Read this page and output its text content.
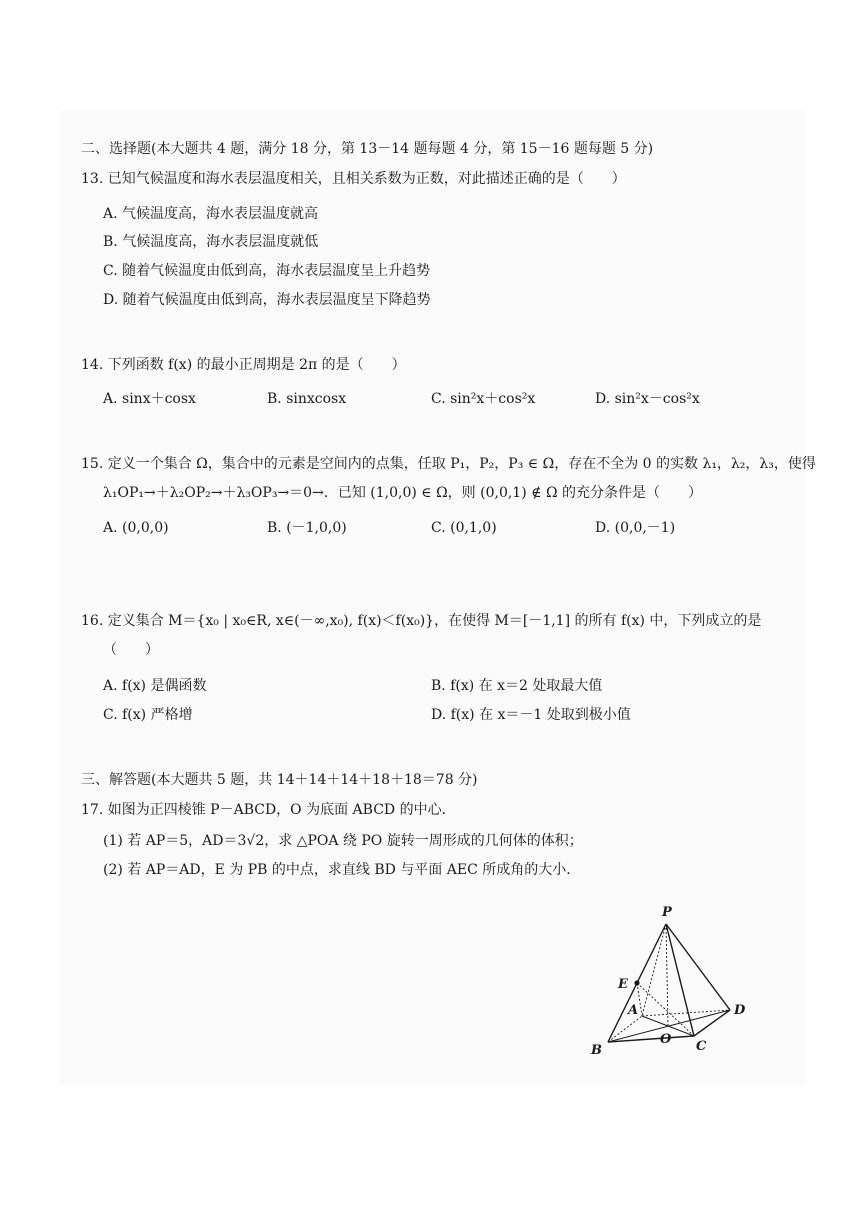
二、选择题(本大题共 4 题，满分 18 分，第 13－14 题每题 4 分，第 15－16 题每题 5 分)
13. 已知气候温度和海水表层温度相关，且相关系数为正数，对此描述正确的是（　　）
A. 气候温度高，海水表层温度就高
B. 气候温度高，海水表层温度就低
C. 随着气候温度由低到高，海水表层温度呈上升趋势
D. 随着气候温度由低到高，海水表层温度呈下降趋势
14. 下列函数 f(x) 的最小正周期是 2π 的是（　　）
A. sinx＋cosx	B. sinxcosx	C. sin²x＋cos²x	D. sin²x－cos²x
15. 定义一个集合 Ω，集合中的元素是空间内的点集，任取 P₁，P₂，P₃ ∈ Ω，存在不全为 0 的实数 λ₁，λ₂，λ₃，使得
λ₁OP₁→＋λ₂OP₂→＋λ₃OP₃→＝0→．已知 (1,0,0) ∈ Ω，则 (0,0,1) ∉ Ω 的充分条件是（　　）
A. (0,0,0)	B. (－1,0,0)	C. (0,1,0)	D. (0,0,－1)
16. 定义集合 M＝{x₀ | x₀∈R, x∈(－∞,x₀), f(x)＜f(x₀)}，在使得 M＝[－1,1] 的所有 f(x) 中，下列成立的是
（　　）
A. f(x) 是偶函数	B. f(x) 在 x＝2 处取最大值
C. f(x) 严格增	D. f(x) 在 x＝－1 处取到极小值
三、解答题(本大题共 5 题，共 14＋14＋14＋18＋18＝78 分)
17. 如图为正四棱锥 P－ABCD，O 为底面 ABCD 的中心．
(1) 若 AP＝5，AD＝3√2，求 △POA 绕 PO 旋转一周形成的几何体的体积；
(2) 若 AP＝AD，E 为 PB 的中点，求直线 BD 与平面 AEC 所成角的大小．
P
E
A	D
O
B	C
